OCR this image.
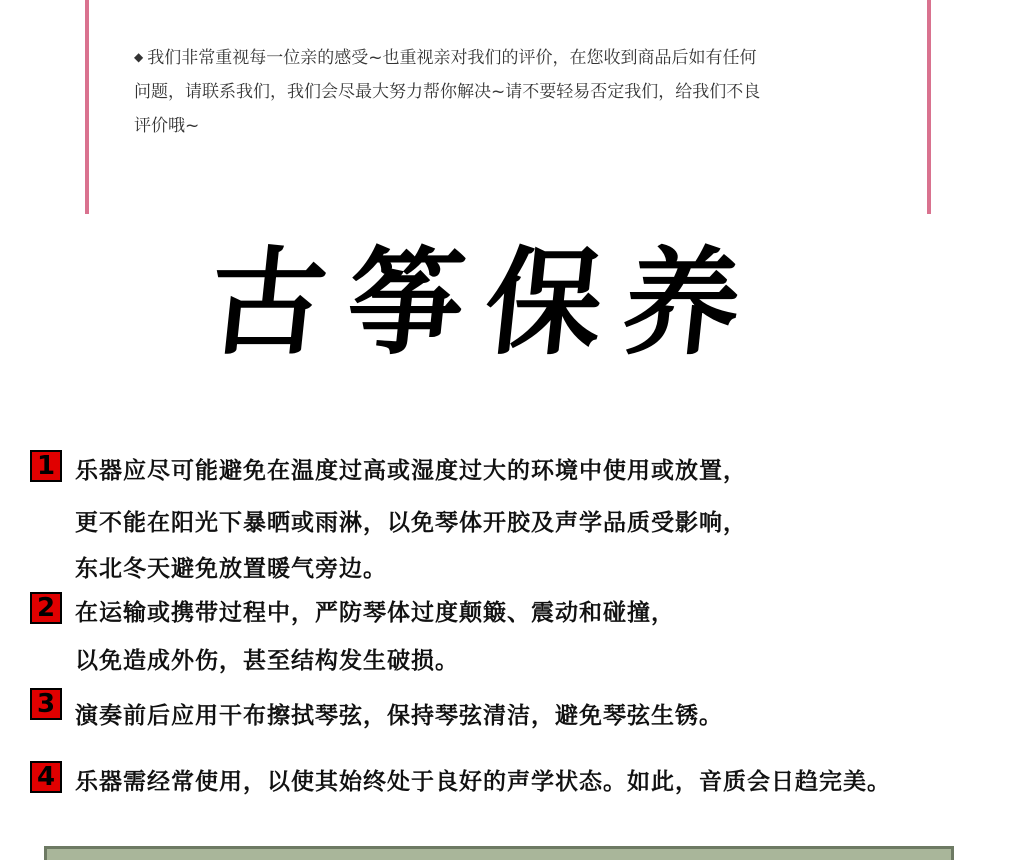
◆ 我们非常重视每一位亲的感受~也重视亲对我们的评价，在您收到商品后如有任何
问题，请联系我们，我们会尽最大努力帮你解决~请不要轻易否定我们，给我们不良
评价哦~
古筝保养
1 乐器应尽可能避免在温度过高或湿度过大的环境中使用或放置，
更不能在阳光下暴晒或雨淋，以免琴体开胶及声学品质受影响，
东北冬天避免放置暖气旁边。
2 在运输或携带过程中，严防琴体过度颠簸、震动和碰撞，
以免造成外伤，甚至结构发生破损。
3 演奏前后应用干布擦拭琴弦，保持琴弦清洁，避免琴弦生锈。
4 乐器需经常使用，以使其始终处于良好的声学状态。如此，音质会日趋完美。
